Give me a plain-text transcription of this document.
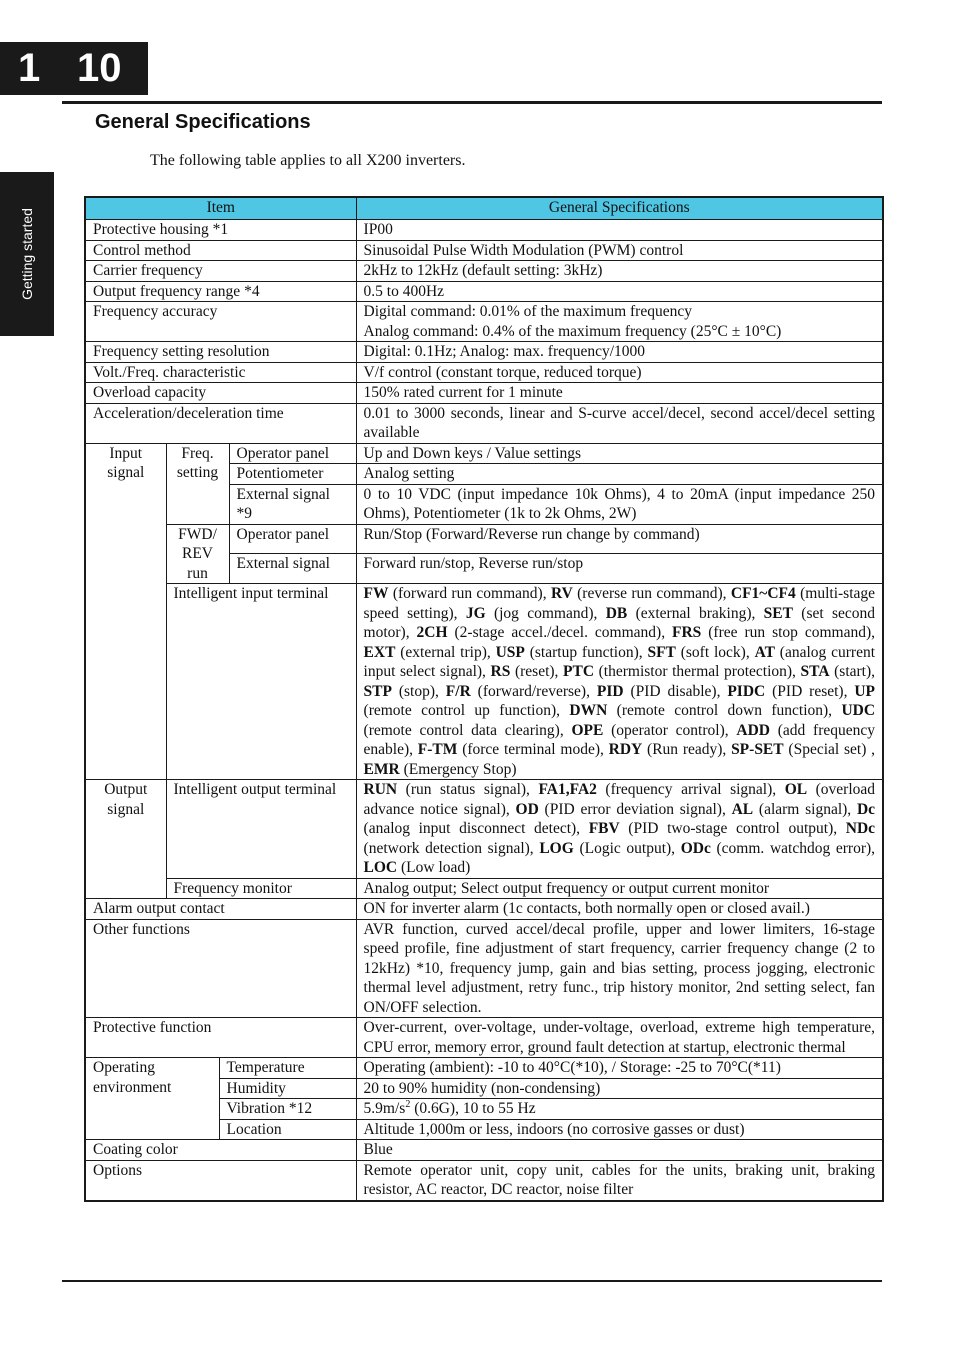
1 10
Getting started
General Specifications
The following table applies to all X200 inverters.
Item				General Specifications
Protective housing *1				IP00
Control method				Sinusoidal Pulse Width Modulation (PWM) control
Carrier frequency				2kHz to 12kHz (default setting: 3kHz)
Output frequency range *4				0.5 to 400Hz
Frequency accuracy				Digital command: 0.01% of the maximum frequency
Analog command: 0.4% of the maximum frequency (25°C ± 10°C)

Frequency setting resolution				Digital: 0.1Hz; Analog: max. frequency/1000
Volt./Freq. characteristic				V/f control (constant torque, reduced torque)
Overload capacity				150% rated current for 1 minute
Acceleration/deceleration time				0.01 to 3000 seconds, linear and S-curve accel/decel, second accel/decel setting available
Input signal	Freq. setting		Operator panel	Up and Down keys / Value settings
			Potentiometer	Analog setting
			External signal *9	0 to 10 VDC (input impedance 10k Ohms), 4 to 20mA (input impedance 250 Ohms), Potentiometer (1k to 2k Ohms, 2W)
	FWD/ REV run		Operator panel	Run/Stop (Forward/Reverse run change by command)
			External signal	Forward run/stop, Reverse run/stop
	Intelligent input terminal			FW (forward run command), RV (reverse run command), CF1~CF4 (multi-stage speed setting), JG (jog command), DB (external braking), SET (set second motor), 2CH (2-stage accel./decel. command), FRS (free run stop command), EXT (external trip), USP (startup function), SFT (soft lock), AT (analog current input select signal), RS (reset), PTC (thermistor thermal protection), STA (start), STP (stop), F/R (forward/reverse), PID (PID disable), PIDC (PID reset), UP (remote control up function), DWN (remote control down function), UDC (remote control data clearing), OPE (operator control), ADD (add frequency enable), F-TM (force terminal mode), RDY (Run ready), SP-SET (Special set) , EMR (Emergency Stop)
Output signal	Intelligent output terminal			RUN (run status signal), FA1,FA2 (frequency arrival signal), OL (overload advance notice signal), OD (PID error deviation signal), AL (alarm signal), Dc (analog input disconnect detect), FBV (PID two-stage control output), NDc (network detection signal), LOG (Logic output), ODc (comm. watchdog error), LOC (Low load)
	Frequency monitor			Analog output; Select output frequency or output current monitor
Alarm output contact				ON for inverter alarm (1c contacts, both normally open or closed avail.)
Other functions				AVR function, curved accel/decal profile, upper and lower limiters, 16-stage speed profile, fine adjustment of start frequency, carrier frequency change (2 to 12kHz) *10, frequency jump, gain and bias setting, process jogging, electronic thermal level adjustment, retry func., trip history monitor, 2nd setting select, fan ON/OFF selection.
Protective function				Over-current, over-voltage, under-voltage, overload, extreme high temperature, CPU error, memory error, ground fault detection at startup, electronic thermal
Operating environment		Temperature		Operating (ambient): -10 to 40°C(*10), / Storage: -25 to 70°C(*11)
		Humidity		20 to 90% humidity (non-condensing)
		Vibration *12		$5.9m/s^2$ (0.6G), 10 to 55 Hz
		Location		Altitude 1,000m or less, indoors (no corrosive gasses or dust)
Coating color				Blue
Options				Remote operator unit, copy unit, cables for the units, braking unit, braking resistor, AC reactor, DC reactor, noise filter
